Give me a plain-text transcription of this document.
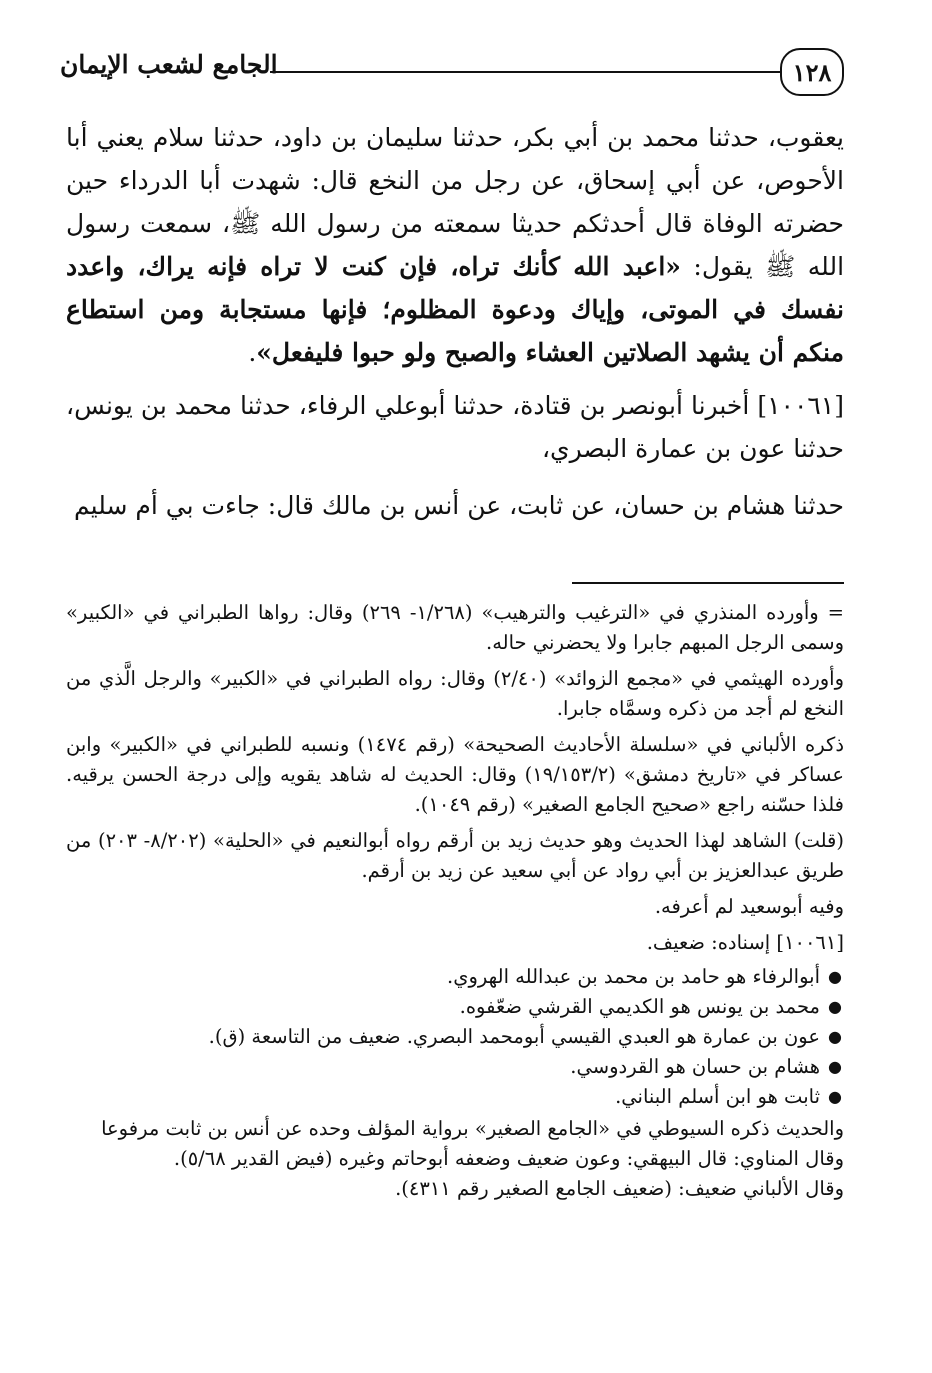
١٢٨
الجامع لشعب الإيمان

يعقوب، حدثنا محمد بن أبي بكر، حدثنا سليمان بن داود، حدثنا سلام يعني أبا الأحوص، عن أبي إسحاق، عن رجل من النخع قال: شهدت أبا الدرداء حين حضرته الوفاة قال أحدثكم حديثا سمعته من رسول الله ﷺ، سمعت رسول الله ﷺ يقول: «اعبد الله كأنك تراه، فإن كنت لا تراه فإنه يراك، واعدد نفسك في الموتى، وإياك ودعوة المظلوم؛ فإنها مستجابة ومن استطاع منكم أن يشهد الصلاتين العشاء والصبح ولو حبوا فليفعل».

[١٠٠٦١] أخبرنا أبونصر بن قتادة، حدثنا أبوعلي الرفاء، حدثنا محمد بن يونس، حدثنا عون بن عمارة البصري،

حدثنا هشام بن حسان، عن ثابت، عن أنس بن مالك قال: جاءت بي أم سليم

= وأورده المنذري في «الترغيب والترهيب» (١/٢٦٨- ٢٦٩) وقال: رواها الطبراني في «الكبير» وسمى الرجل المبهم جابرا ولا يحضرني حاله.

وأورده الهيثمي في «مجمع الزوائد» (٢/٤٠) وقال: رواه الطبراني في «الكبير» والرجل الَّذي من النخع لم أجد من ذكره وسمَّاه جابرا.

ذكره الألباني في «سلسلة الأحاديث الصحيحة» (رقم ١٤٧٤) ونسبه للطبراني في «الكبير» وابن عساكر في «تاريخ دمشق» (١٩/١٥٣/٢) وقال: الحديث له شاهد يقويه وإلى درجة الحسن يرقيه. فلذا حسّنه راجع «صحيح الجامع الصغير» (رقم ١٠٤٩).

(قلت) الشاهد لهذا الحديث وهو حديث زيد بن أرقم رواه أبوالنعيم في «الحلية» (٨/٢٠٢- ٢٠٣) من طريق عبدالعزيز بن أبي رواد عن أبي سعيد عن زيد بن أرقم.

وفيه أبوسعيد لم أعرفه.

[١٠٠٦١] إسناده: ضعيف.

●
أبوالرفاء هو حامد بن محمد بن عبدالله الهروي.
●
محمد بن يونس هو الكديمي القرشي ضعّفوه.
●
عون بن عمارة هو العبدي القيسي أبومحمد البصري. ضعيف من التاسعة (ق).
●
هشام بن حسان هو القردوسي.
●
ثابت هو ابن أسلم البناني.

والحديث ذكره السيوطي في «الجامع الصغير» برواية المؤلف وحده عن أنس بن ثابت مرفوعا

وقال المناوي: قال البيهقي: وعون ضعيف وضعفه أبوحاتم وغيره (فيض القدير ٥/٦٨).

وقال الألباني ضعيف: (ضعيف الجامع الصغير رقم ٤٣١١).
